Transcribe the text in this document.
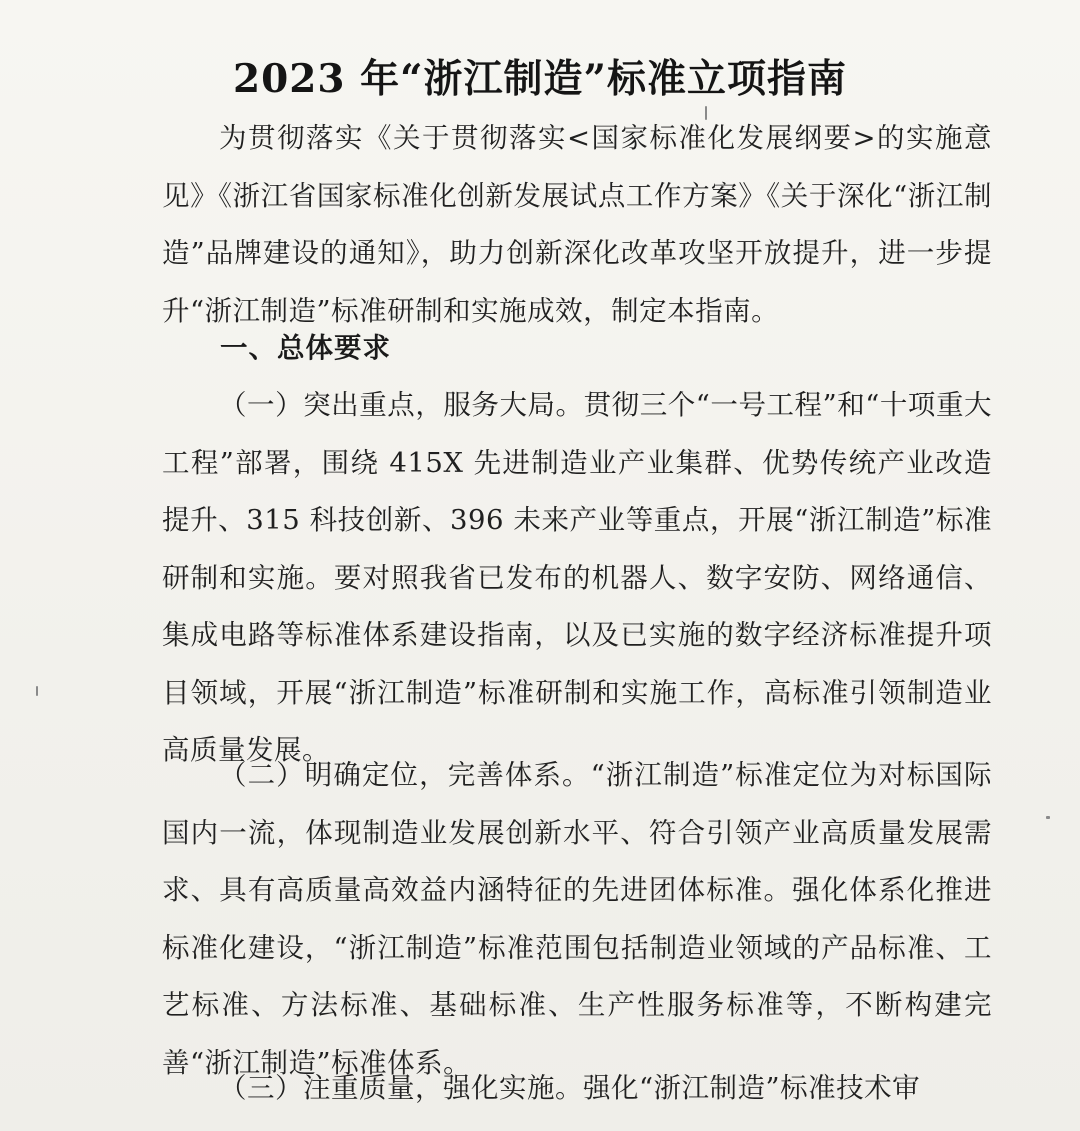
2023 年“浙江制造”标准立项指南

为贯彻落实《关于贯彻落实<国家标准化发展纲要>的实施意见》《浙江省国家标准化创新发展试点工作方案》《关于深化“浙江制造”品牌建设的通知》，助力创新深化改革攻坚开放提升，进一步提升“浙江制造”标准研制和实施成效，制定本指南。

一、总体要求

（一）突出重点，服务大局。贯彻三个“一号工程”和“十项重大工程”部署，围绕 415X 先进制造业产业集群、优势传统产业改造提升、315 科技创新、396 未来产业等重点，开展“浙江制造”标准研制和实施。要对照我省已发布的机器人、数字安防、网络通信、集成电路等标准体系建设指南，以及已实施的数字经济标准提升项目领域，开展“浙江制造”标准研制和实施工作，高标准引领制造业高质量发展。

（二）明确定位，完善体系。“浙江制造”标准定位为对标国际国内一流，体现制造业发展创新水平、符合引领产业高质量发展需求、具有高质量高效益内涵特征的先进团体标准。强化体系化推进标准化建设，“浙江制造”标准范围包括制造业领域的产品标准、工艺标准、方法标准、基础标准、生产性服务标准等，不断构建完善“浙江制造”标准体系。

（三）注重质量，强化实施。强化“浙江制造”标准技术审
